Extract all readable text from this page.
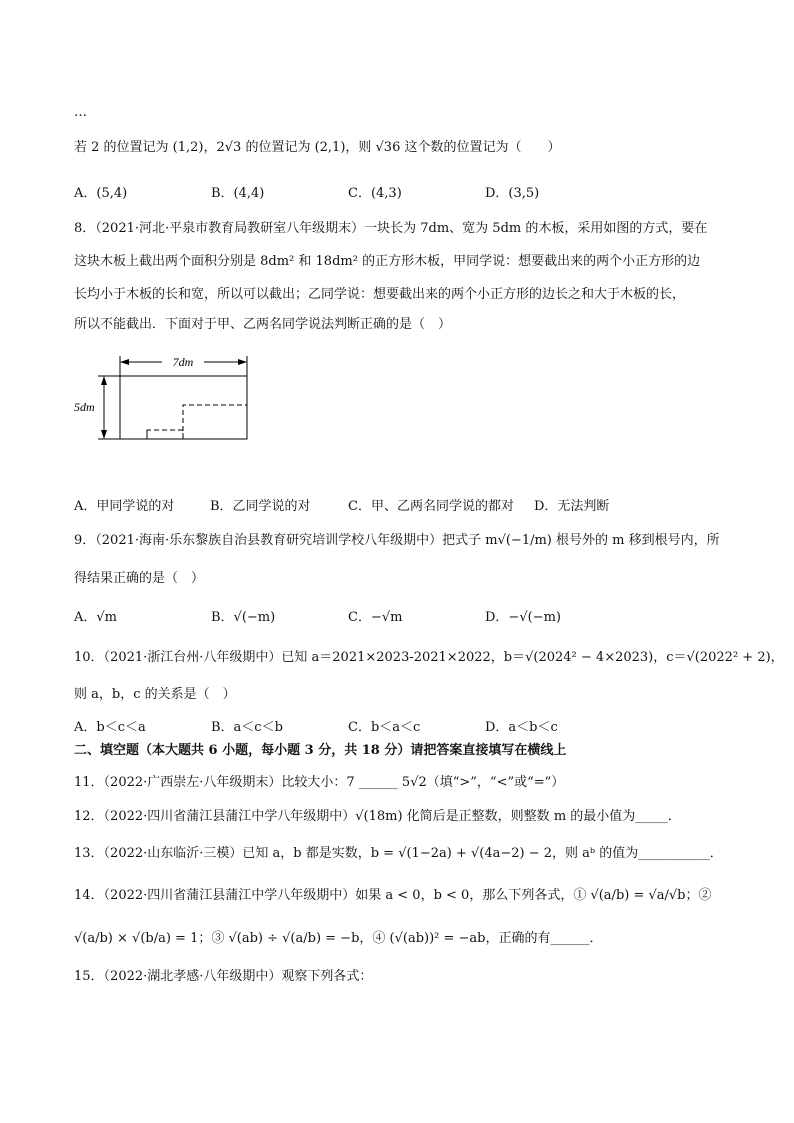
…
若 2 的位置记为 (1,2)，2√3 的位置记为 (2,1)，则 √36 这个数的位置记为（　　）
A．(5,4)	B．(4,4)	C．(4,3)	D．(3,5)
8．（2021·河北·平泉市教育局教研室八年级期末）一块长为 7dm、宽为 5dm 的木板，采用如图的方式，要在
这块木板上截出两个面积分别是 8dm² 和 18dm² 的正方形木板，甲同学说：想要截出来的两个小正方形的边
长均小于木板的长和宽，所以可以截出；乙同学说：想要截出来的两个小正方形的边长之和大于木板的长，
所以不能截出．下面对于甲、乙两名同学说法判断正确的是（　）
7dm
5dm
A．甲同学说的对	B．乙同学说的对	C．甲、乙两名同学说的都对 D．无法判断
9．（2021·海南·乐东黎族自治县教育研究培训学校八年级期中）把式子 m√(−1/m) 根号外的 m 移到根号内，所
得结果正确的是（　）
A．√m	B．√(−m)	C．−√m	D．−√(−m)
10．（2021·浙江台州·八年级期中）已知 a＝2021×2023-2021×2022，b＝√(2024² − 4×2023)，c＝√(2022² + 2)，
则 a，b，c 的关系是（　）
A．b＜c＜a	B．a＜c＜b	C．b＜a＜c	D．a＜b＜c
二、填空题（本大题共 6 小题，每小题 3 分，共 18 分）请把答案直接填写在横线上
11．（2022·广西崇左·八年级期末）比较大小：7 ______ 5√2（填“>”，“<”或“=”）
12．（2022·四川省蒲江县蒲江中学八年级期中）√(18m) 化简后是正整数，则整数 m 的最小值为_____．
13．（2022·山东临沂·三模）已知 a，b 都是实数，b = √(1−2a) + √(4a−2) − 2，则 aᵇ 的值为___________．
14．（2022·四川省蒲江县蒲江中学八年级期中）如果 a < 0，b < 0，那么下列各式，① √(a/b) = √a/√b；②
√(a/b) × √(b/a) = 1；③ √(ab) ÷ √(a/b) = −b，④ (√(ab))² = −ab，正确的有______．
15．（2022·湖北孝感·八年级期中）观察下列各式：
